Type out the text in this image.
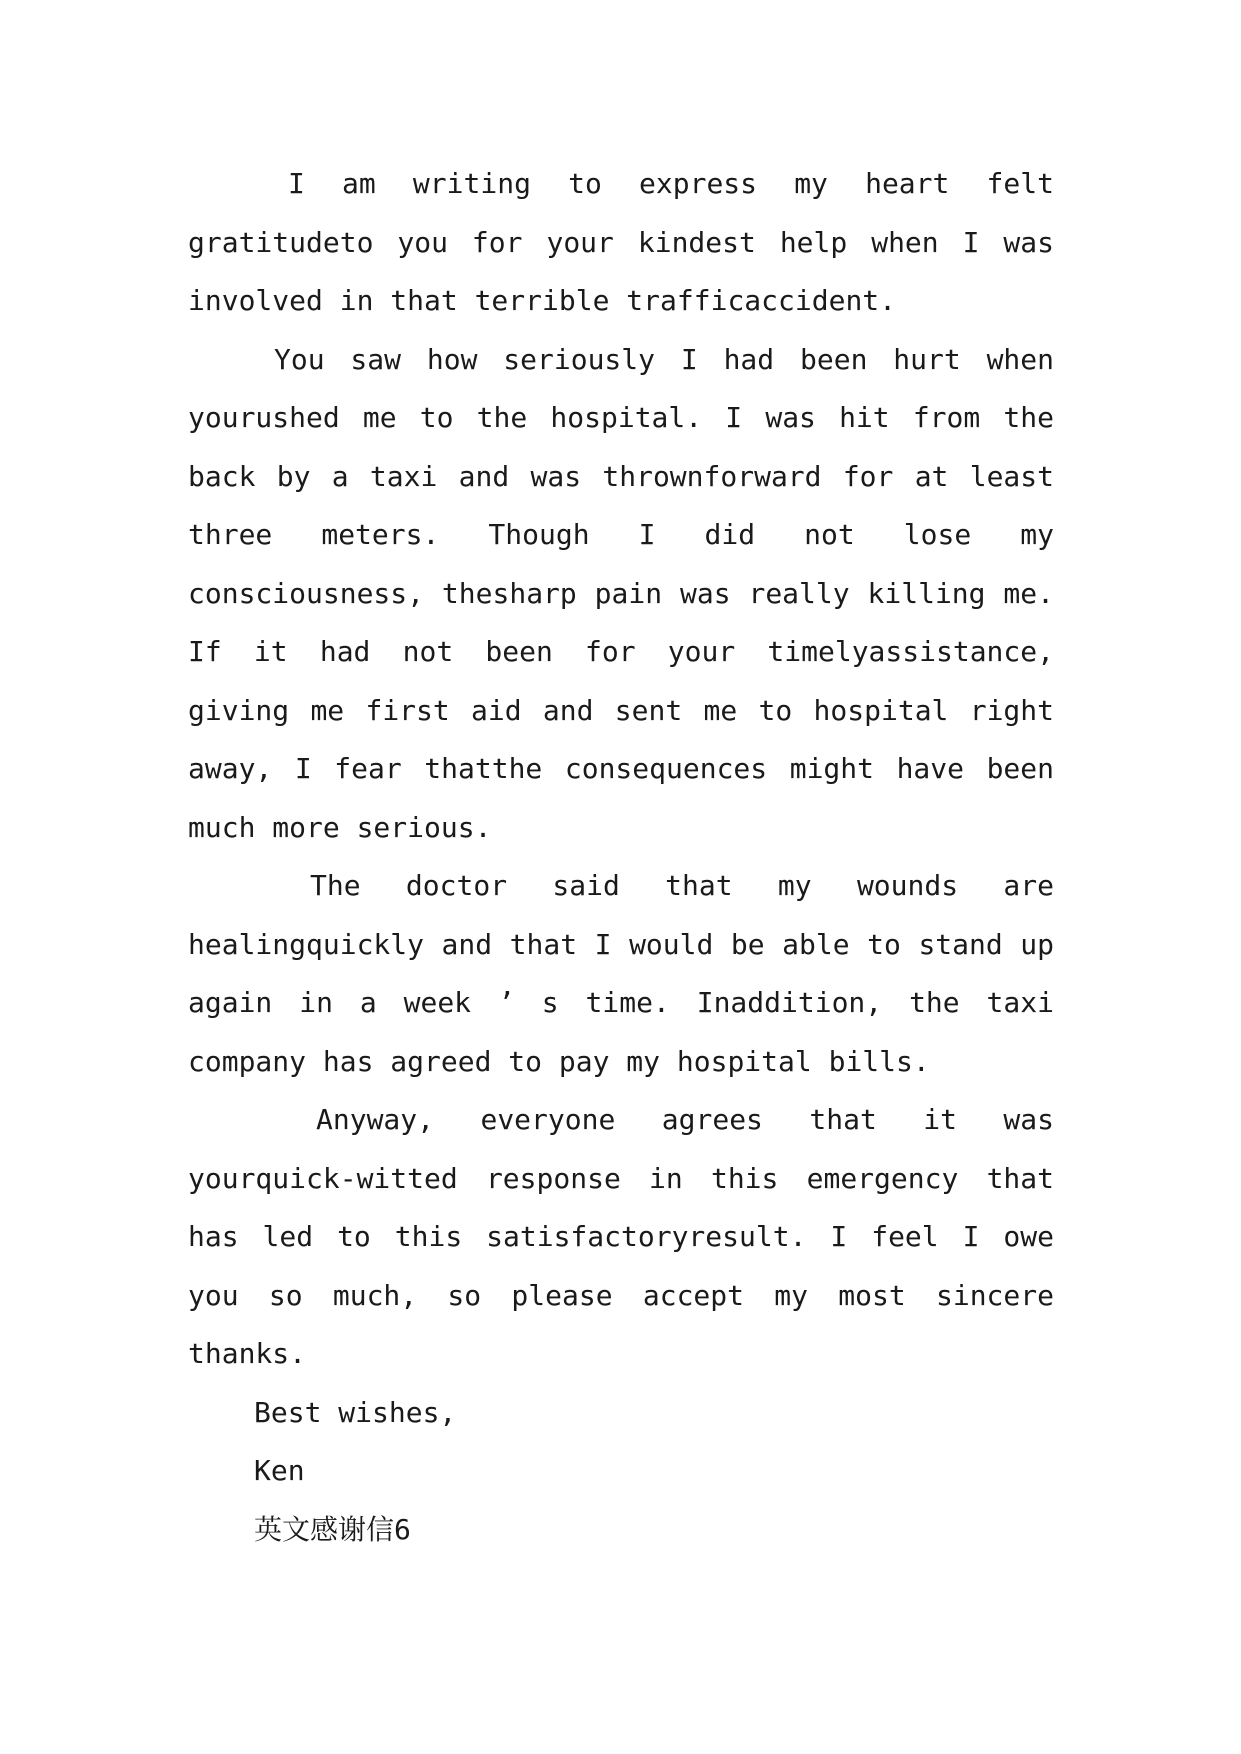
I am writing to express my heart felt gratitudeto you for your kindest help when I was involved in that terrible trafficaccident.

You saw how seriously I had been hurt when yourushed me to the hospital. I was hit from the back by a taxi and was thrownforward for at least three meters. Though I did not lose my consciousness, thesharp pain was really killing me. If it had not been for your timelyassistance, giving me first aid and sent me to hospital right away, I fear thatthe consequences might have been much more serious.

The doctor said that my wounds are healingquickly and that I would be able to stand up again in a week ’ s time. Inaddition, the taxi company has agreed to pay my hospital bills.

Anyway, everyone agrees that it was yourquick-witted response in this emergency that has led to this satisfactoryresult. I feel I owe you so much, so please accept my most sincere thanks.

Best wishes,

Ken

英文感谢信6
